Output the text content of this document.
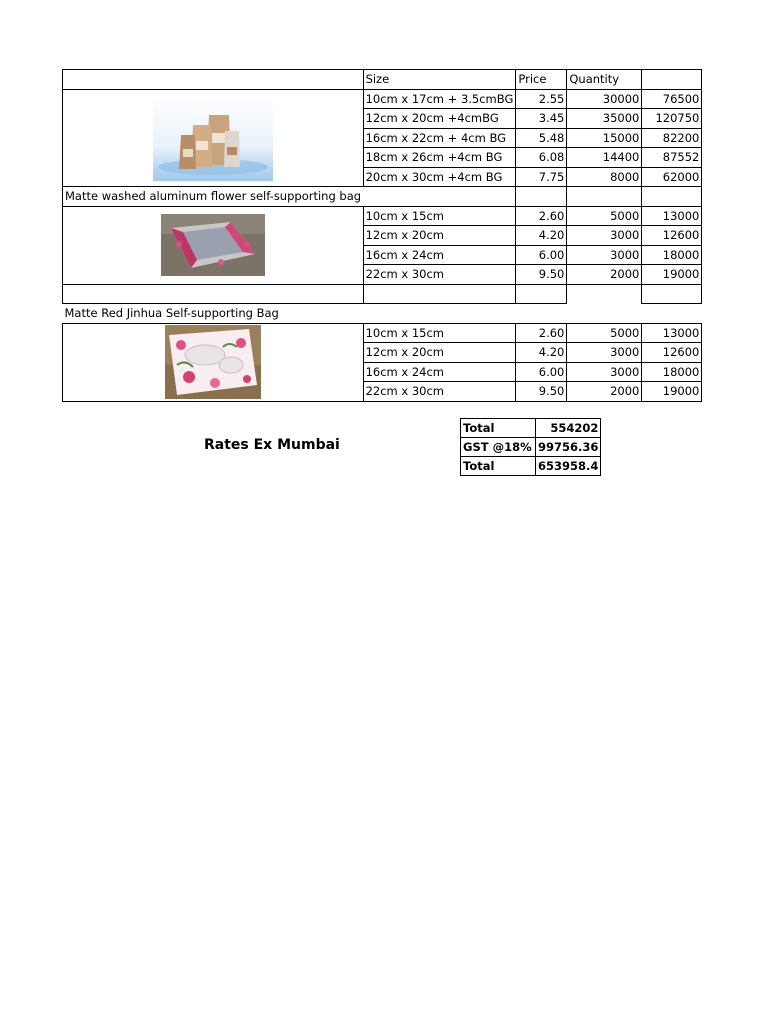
	Size	Price	Quantity	

	10cm x 17cm + 3.5cmBG	2.55	30000	76500
	12cm x 20cm +4cmBG	3.45	35000	120750
	16cm x 22cm + 4cm BG	5.48	15000	82200
	18cm x 26cm +4cm BG	6.08	14400	87552
	20cm x 30cm +4cm BG	7.75	8000	62000
Matte washed aluminum flower self-supporting bag				

	10cm x 15cm	2.60	5000	13000
	12cm x 20cm	4.20	3000	12600
	16cm x 24cm	6.00	3000	18000
	22cm x 30cm	9.50	2000	19000

Matte Red Jinhua Self-supporting Bag				

	10cm x 15cm	2.60	5000	13000
	12cm x 20cm	4.20	3000	12600
	16cm x 24cm	6.00	3000	18000
	22cm x 30cm	9.50	2000	19000
Rates Ex Mumbai
Total	554202
GST @18%	99756.36
Total	653958.4
